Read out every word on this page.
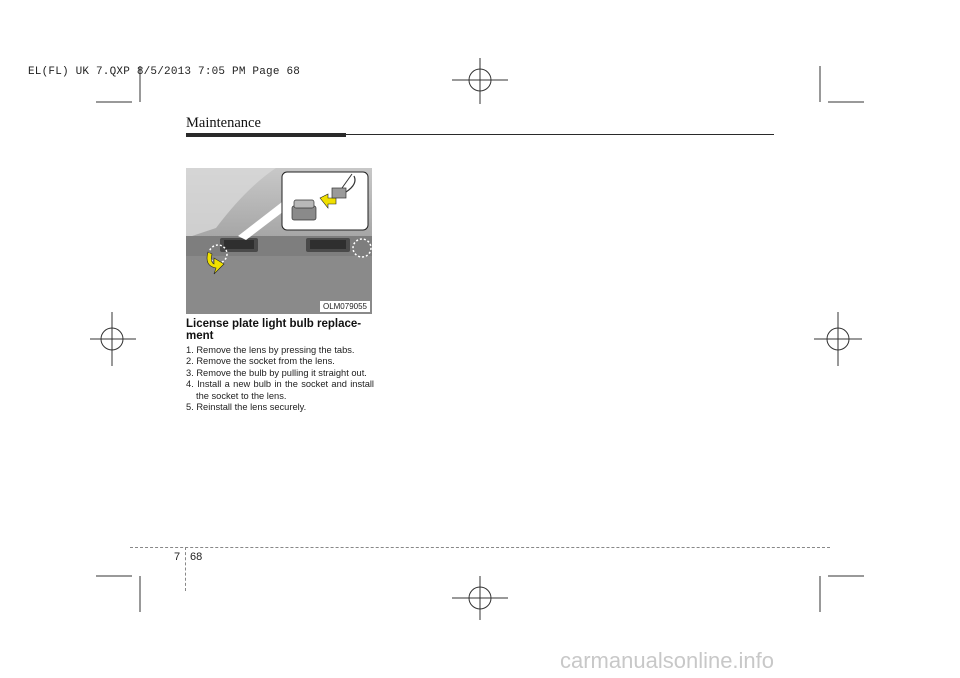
EL(FL) UK 7.QXP 8/5/2013 7:05 PM Page 68
Maintenance
OLM079055
License plate light bulb replace-ment
1. Remove the lens by pressing the tabs.
2. Remove the socket from the lens.
3. Remove the bulb by pulling it straight out.
4. Install a new bulb in the socket and install the socket to the lens.
5. Reinstall the lens securely.
7 68
carmanualsonline.info
